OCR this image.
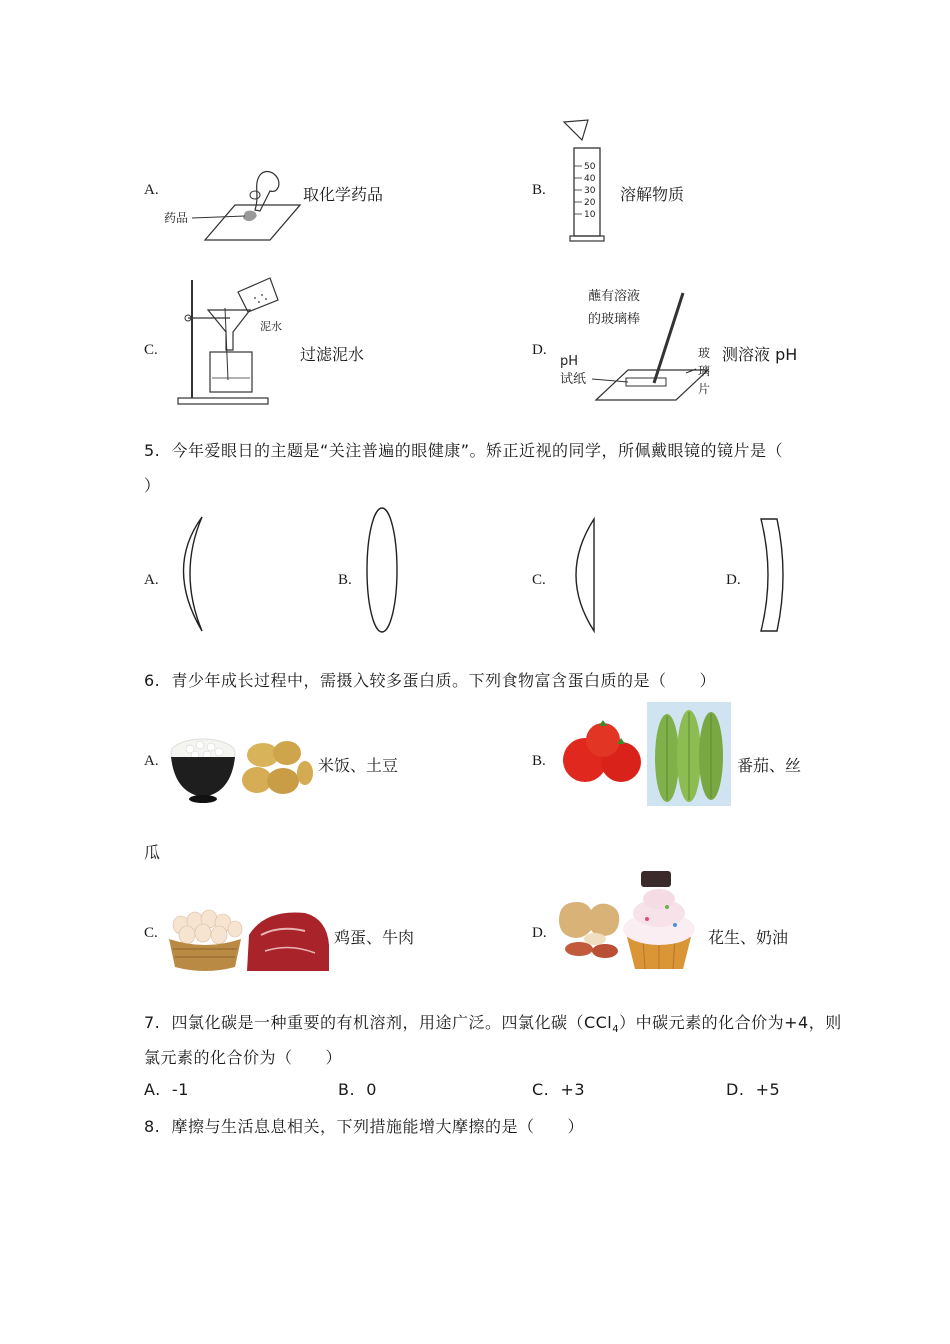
A.
药品
取化学药品	B.
50
40
30
20
10
溶解物质
C.
泥水
过滤泥水	D.
蘸有溶液
的玻璃棒
pH
试纸
玻
璃
片
测溶液 pH
5. 今年爱眼日的主题是“关注普遍的眼健康”。矫正近视的同学，所佩戴眼镜的镜片是（
）
A.	B.	C.	D.
6. 青少年成长过程中，需摄入较多蛋白质。下列食物富含蛋白质的是（　　）
A.	米饭、土豆	B.	番茄、丝
瓜
C.	鸡蛋、牛肉	D.	花生、奶油
7. 四氯化碳是一种重要的有机溶剂，用途广泛。四氯化碳（CCl$_4$）中碳元素的化合价为+4，则
氯元素的化合价为（　　）
A. -1	B. 0	C. +3	D. +5
8. 摩擦与生活息息相关，下列措施能增大摩擦的是（　　）
